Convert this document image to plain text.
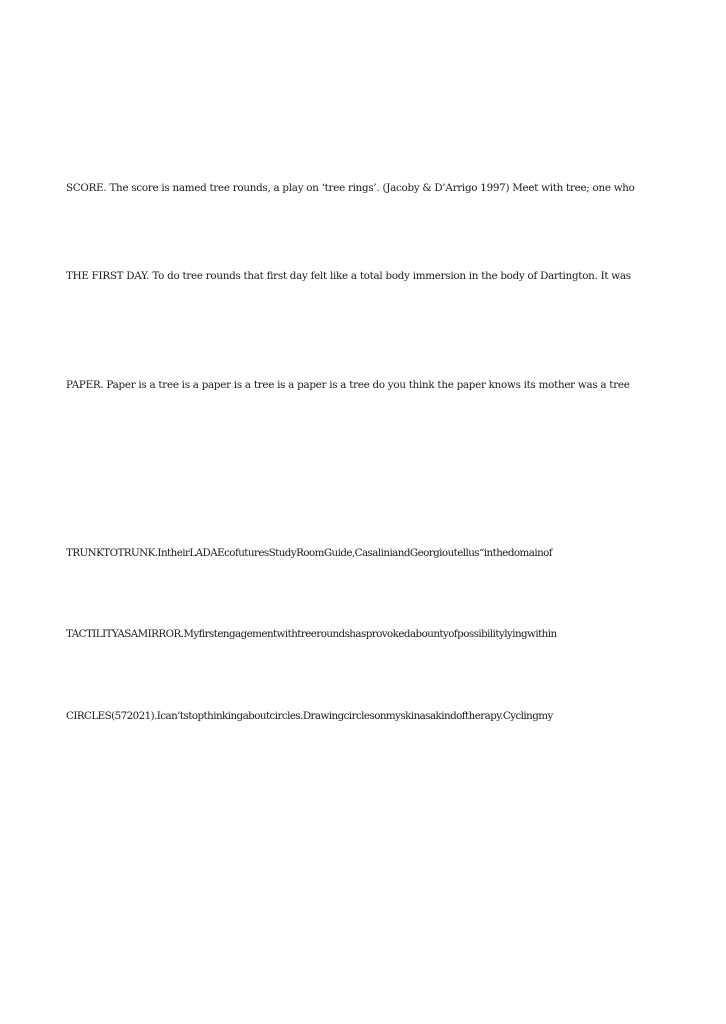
SCORE. The score is named tree rounds, a play on ‘tree rings’. (Jacoby & D’Arrigo 1997) Meet with tree; one who
THE FIRST DAY. To do tree rounds that first day felt like a total body immersion in the body of Dartington. It was
PAPER. Paper is a tree is a paper is a tree is a paper is a tree do you think the paper knows its mother was a tree
TRUNKTOTRUNK.IntheirLADAEcofuturesStudyRoomGuide,CasaliniandGeorgioutellus“inthedomainof
TACTILITYASAMIRROR.Myfirstengagementwithtreeroundshasprovokedabountyofpossibilitylyingwithin
CIRCLES(572021).Ican’tstopthinkingaboutcircles.Drawingcirclesonmyskinasakindoftherapy.Cyclingmy
